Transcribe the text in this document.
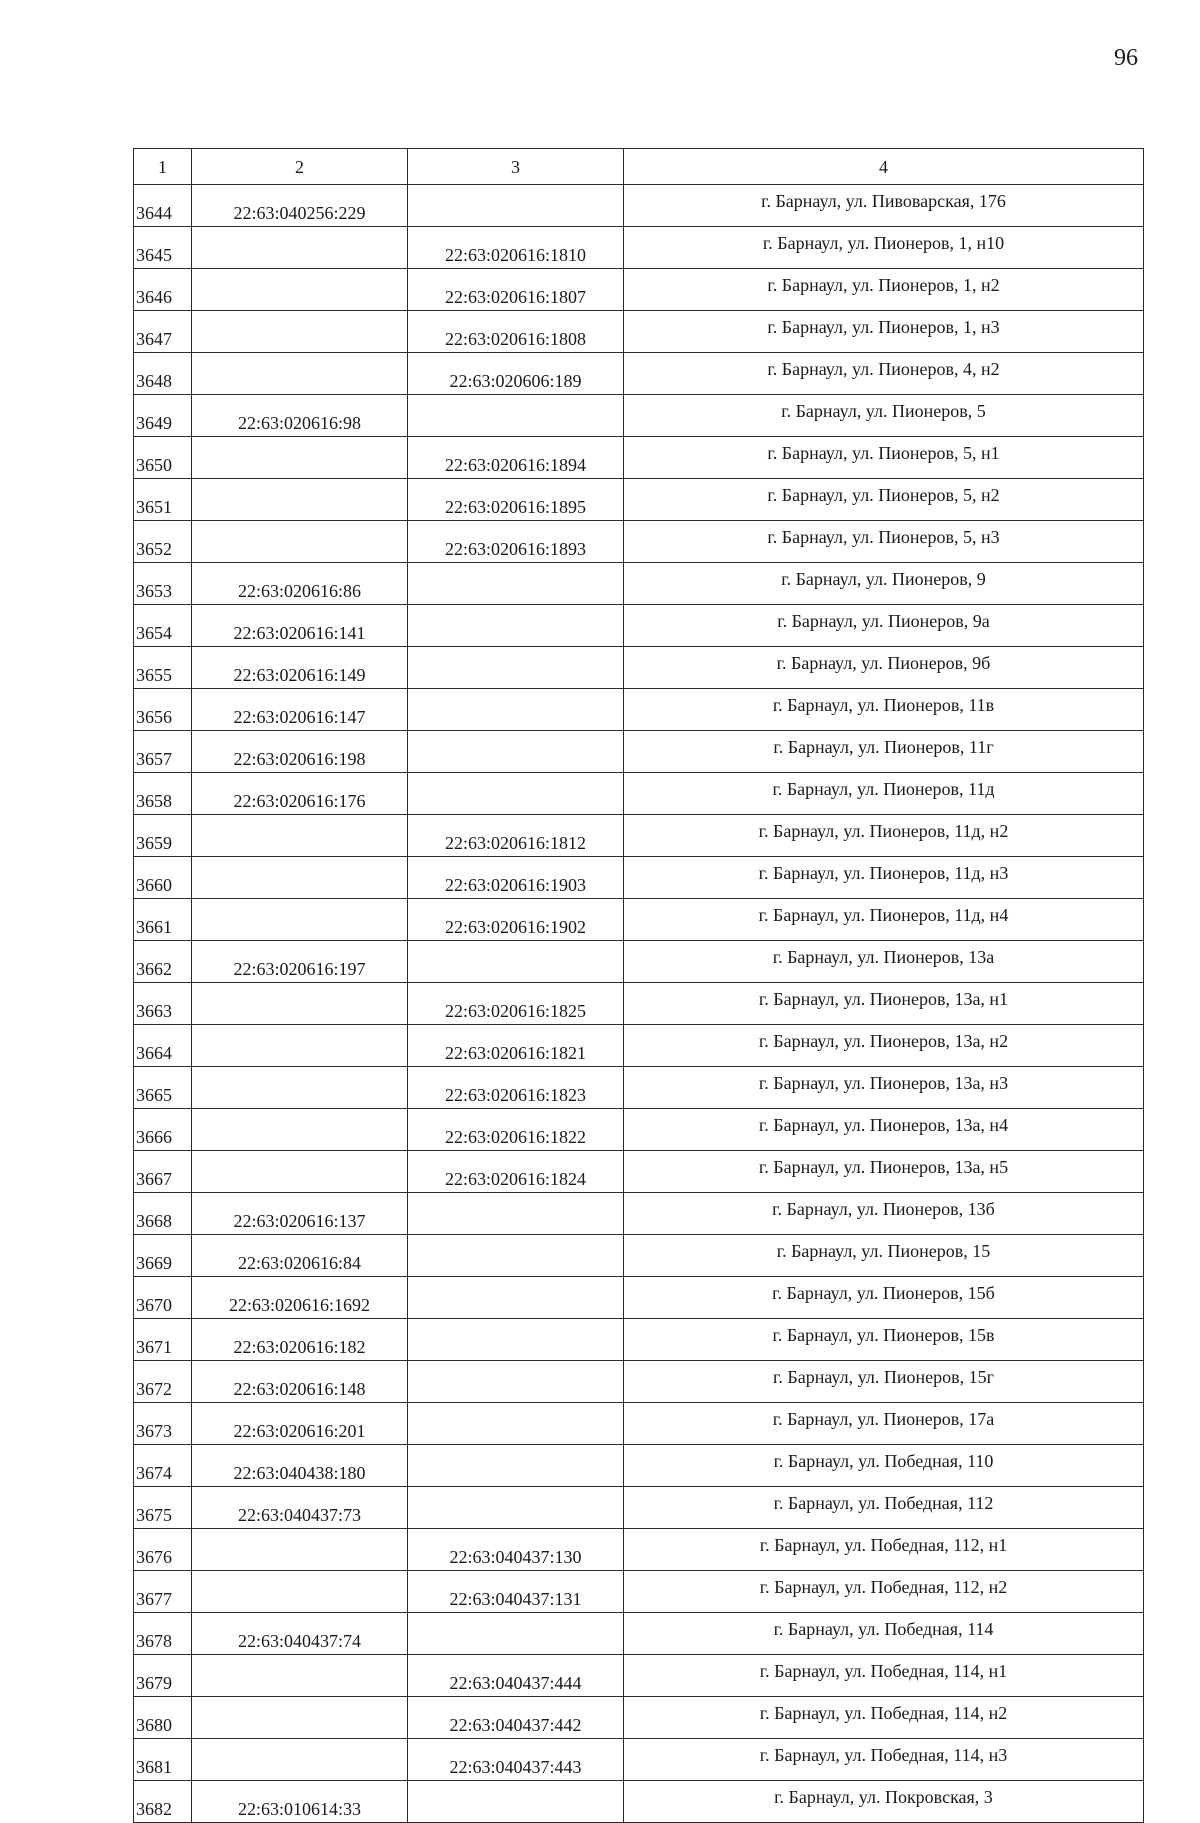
96
1	2	3	4
3644	22:63:040256:229		г. Барнаул, ул. Пивоварская, 176
3645		22:63:020616:1810	г. Барнаул, ул. Пионеров, 1, н10
3646		22:63:020616:1807	г. Барнаул, ул. Пионеров, 1, н2
3647		22:63:020616:1808	г. Барнаул, ул. Пионеров, 1, н3
3648		22:63:020606:189	г. Барнаул, ул. Пионеров, 4, н2
3649	22:63:020616:98		г. Барнаул, ул. Пионеров, 5
3650		22:63:020616:1894	г. Барнаул, ул. Пионеров, 5, н1
3651		22:63:020616:1895	г. Барнаул, ул. Пионеров, 5, н2
3652		22:63:020616:1893	г. Барнаул, ул. Пионеров, 5, н3
3653	22:63:020616:86		г. Барнаул, ул. Пионеров, 9
3654	22:63:020616:141		г. Барнаул, ул. Пионеров, 9а
3655	22:63:020616:149		г. Барнаул, ул. Пионеров, 9б
3656	22:63:020616:147		г. Барнаул, ул. Пионеров, 11в
3657	22:63:020616:198		г. Барнаул, ул. Пионеров, 11г
3658	22:63:020616:176		г. Барнаул, ул. Пионеров, 11д
3659		22:63:020616:1812	г. Барнаул, ул. Пионеров, 11д, н2
3660		22:63:020616:1903	г. Барнаул, ул. Пионеров, 11д, н3
3661		22:63:020616:1902	г. Барнаул, ул. Пионеров, 11д, н4
3662	22:63:020616:197		г. Барнаул, ул. Пионеров, 13а
3663		22:63:020616:1825	г. Барнаул, ул. Пионеров, 13а, н1
3664		22:63:020616:1821	г. Барнаул, ул. Пионеров, 13а, н2
3665		22:63:020616:1823	г. Барнаул, ул. Пионеров, 13а, н3
3666		22:63:020616:1822	г. Барнаул, ул. Пионеров, 13а, н4
3667		22:63:020616:1824	г. Барнаул, ул. Пионеров, 13а, н5
3668	22:63:020616:137		г. Барнаул, ул. Пионеров, 13б
3669	22:63:020616:84		г. Барнаул, ул. Пионеров, 15
3670	22:63:020616:1692		г. Барнаул, ул. Пионеров, 15б
3671	22:63:020616:182		г. Барнаул, ул. Пионеров, 15в
3672	22:63:020616:148		г. Барнаул, ул. Пионеров, 15г
3673	22:63:020616:201		г. Барнаул, ул. Пионеров, 17а
3674	22:63:040438:180		г. Барнаул, ул. Победная, 110
3675	22:63:040437:73		г. Барнаул, ул. Победная, 112
3676		22:63:040437:130	г. Барнаул, ул. Победная, 112, н1
3677		22:63:040437:131	г. Барнаул, ул. Победная, 112, н2
3678	22:63:040437:74		г. Барнаул, ул. Победная, 114
3679		22:63:040437:444	г. Барнаул, ул. Победная, 114, н1
3680		22:63:040437:442	г. Барнаул, ул. Победная, 114, н2
3681		22:63:040437:443	г. Барнаул, ул. Победная, 114, н3
3682	22:63:010614:33		г. Барнаул, ул. Покровская, 3
